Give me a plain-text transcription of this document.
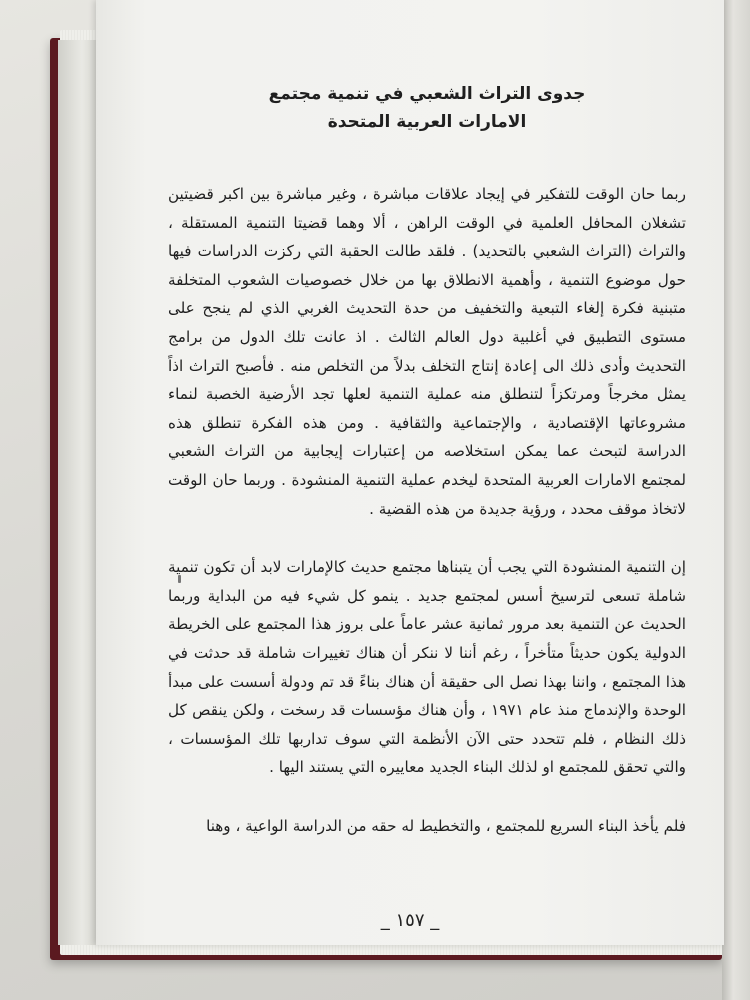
جدوى التراث الشعبي في تنمية مجتمع
الامارات العربية المتحدة

ربما حان الوقت للتفكير في إيجاد علاقات مباشرة ، وغير مباشرة بين اكبر قضيتين تشغلان المحافل العلمية في الوقت الراهن ، ألا وهما قضيتا التنمية المستقلة ، والتراث (التراث الشعبي بالتحديد) . فلقد طالت الحقبة التي ركزت الدراسات فيها حول موضوع التنمية ، وأهمية الانطلاق بها من خلال خصوصيات الشعوب المتخلفة متبنية فكرة إلغاء التبعية والتخفيف من حدة التحديث الغربي الذي لم ينجح على مستوى التطبيق في أغلبية دول العالم الثالث . اذ عانت تلك الدول من برامج التحديث وأدى ذلك الى إعادة إنتاج التخلف بدلاً من التخلص منه . فأصبح التراث اذاً يمثل مخرجاً ومرتكزاً لتنطلق منه عملية التنمية لعلها تجد الأرضية الخصبة لنماء مشروعاتها الإقتصادية ، والإجتماعية والثقافية . ومن هذه الفكرة تنطلق هذه الدراسة لتبحث عما يمكن استخلاصه من إعتبارات إيجابية من التراث الشعبي لمجتمع الامارات العربية المتحدة ليخدم عملية التنمية المنشودة . وربما حان الوقت لاتخاذ موقف محدد ، ورؤية جديدة من هذه القضية .

إن التنمية المنشودة التي يجب أن يتبناها مجتمع حديث كالإمارات لابد أن تكون تنمية شاملة تسعى لترسيخ أسس لمجتمع جديد . ينمو كل شيء فيه من البداية وربما الحديث عن التنمية بعد مرور ثمانية عشر عاماً على بروز هذا المجتمع على الخريطة الدولية يكون حديثاً متأخراً ، رغم أننا لا ننكر أن هناك تغييرات شاملة قد حدثت في هذا المجتمع ، واننا بهذا نصل الى حقيقة أن هناك بناءً قد تم ودولة أسست على مبدأ الوحدة والإندماج منذ عام ١٩٧١ ، وأن هناك مؤسسات قد رسخت ، ولكن ينقص كل ذلك النظام ، فلم تتحدد حتى الآن الأنظمة التي سوف تداربها تلك المؤسسات ، والتي تحقق للمجتمع او لذلك البناء الجديد معاييره التي يستند اليها .

فلم يأخذ البناء السريع للمجتمع ، والتخطيط له حقه من الدراسة الواعية ، وهنا

_ ١٥٧ _
